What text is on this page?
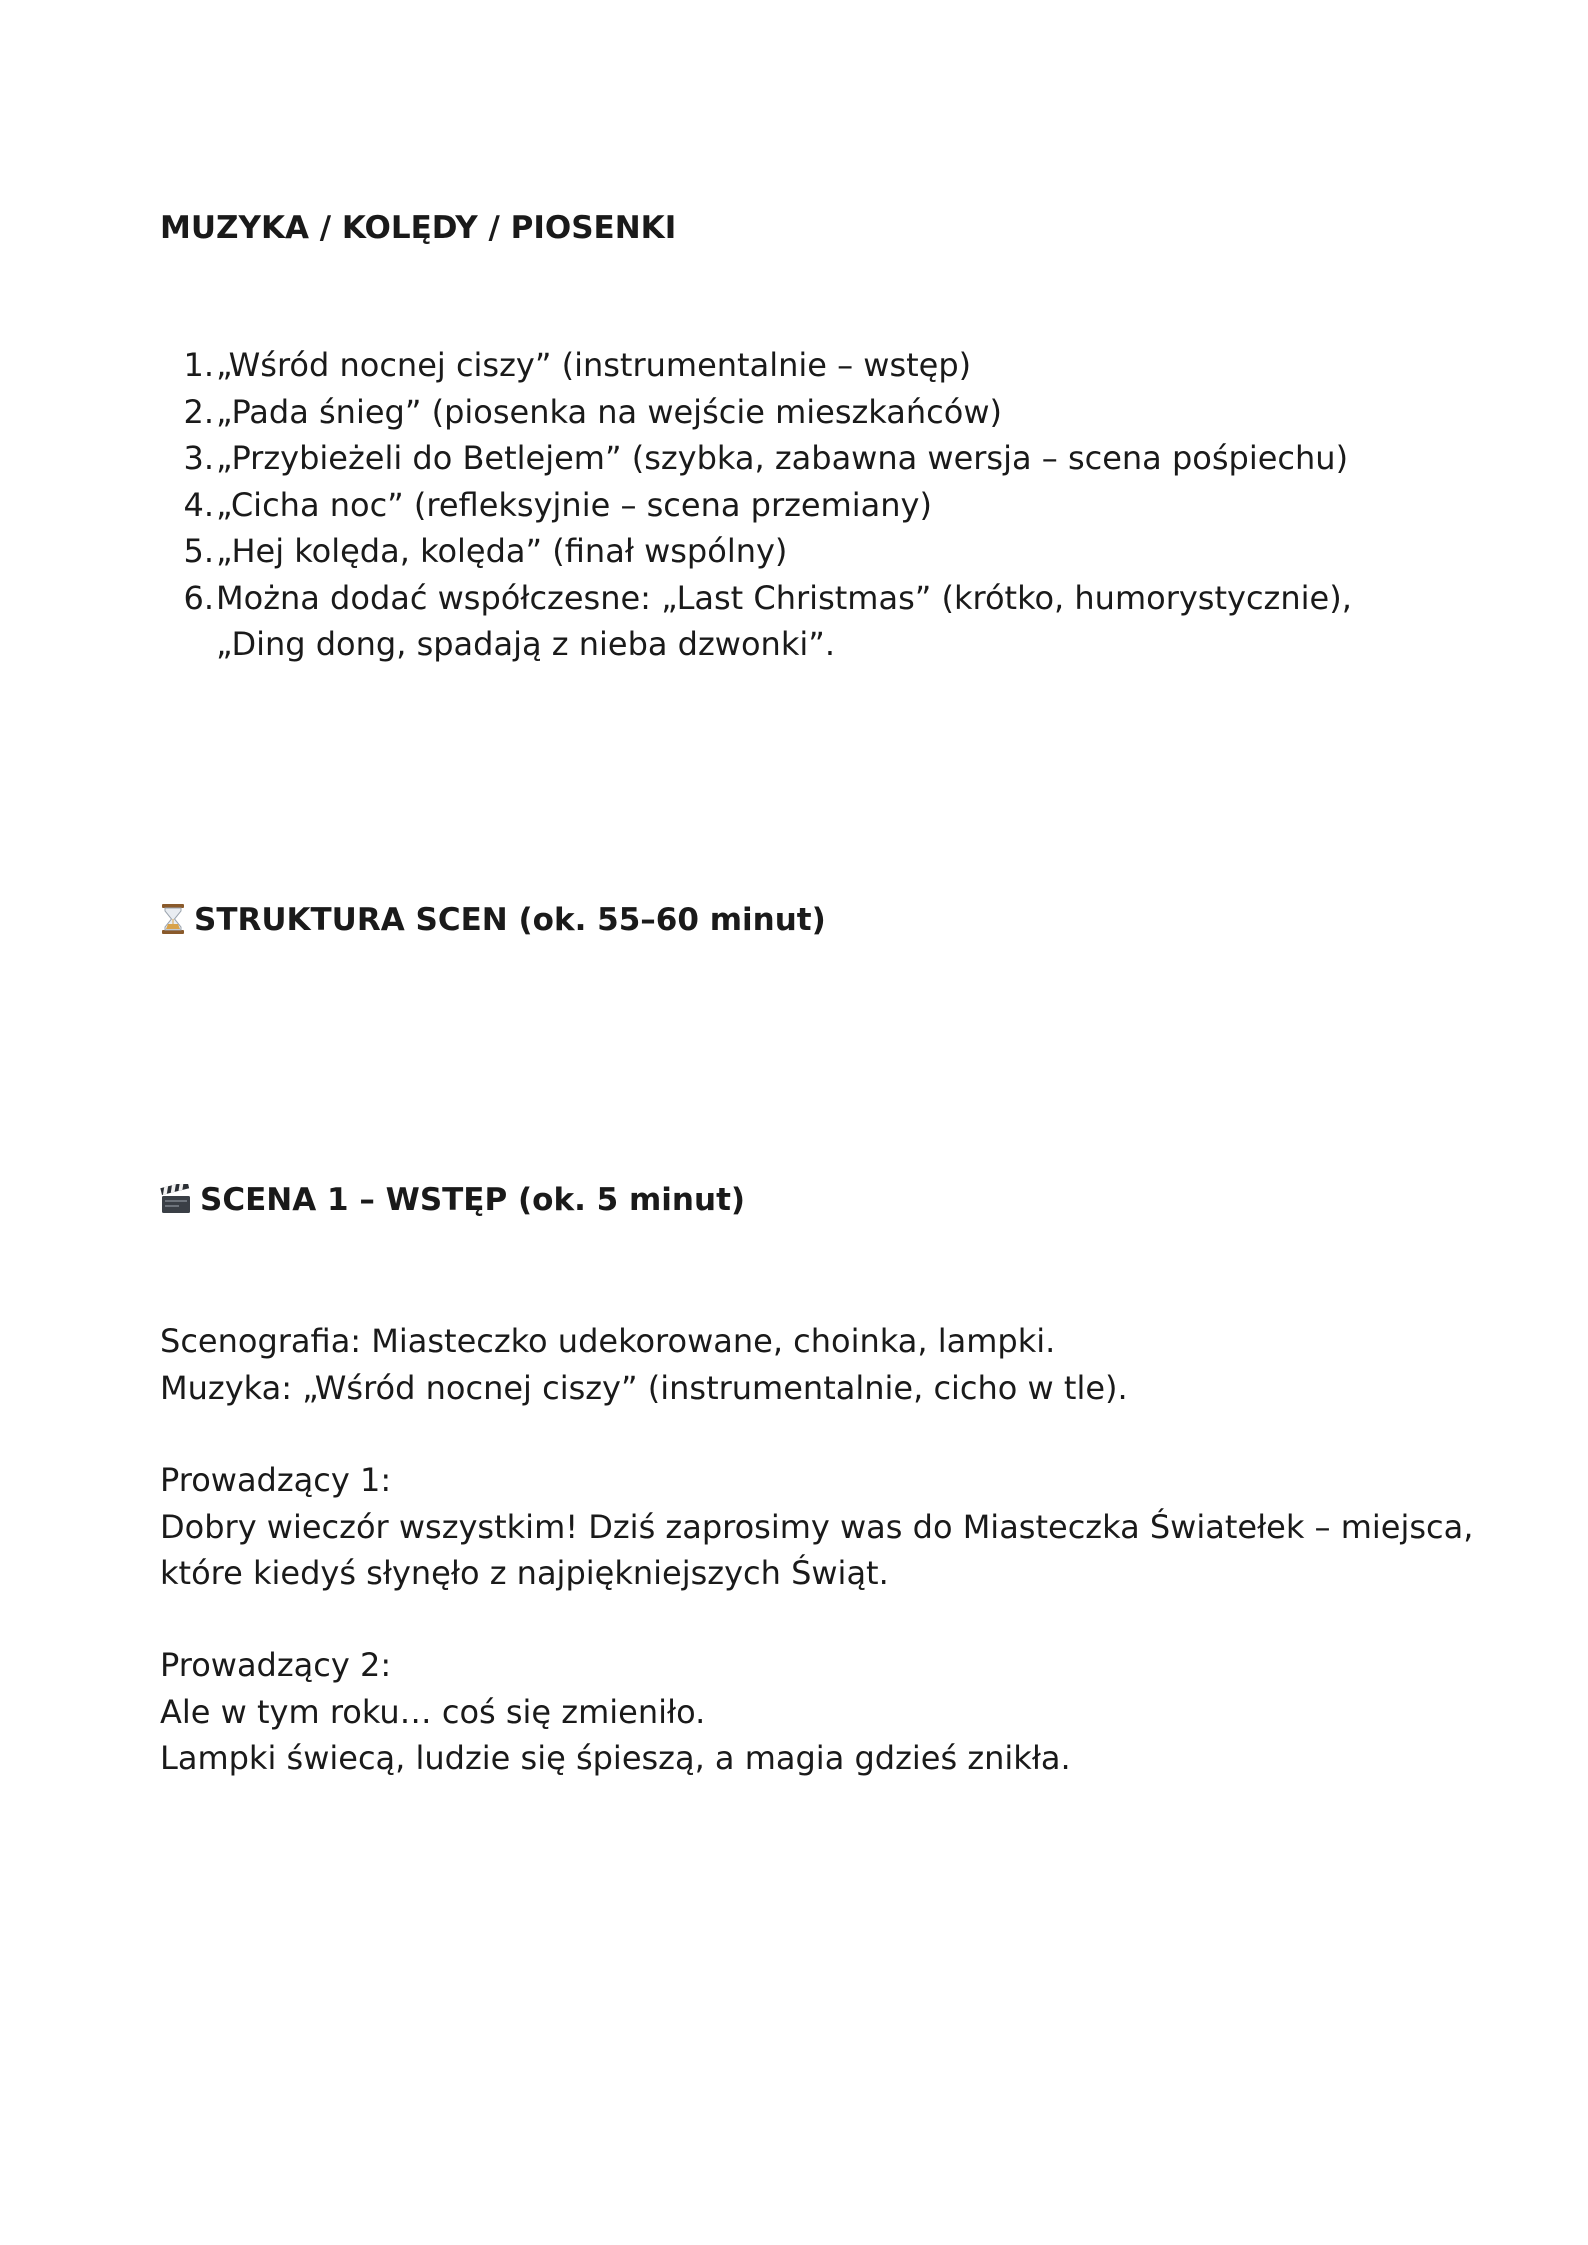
MUZYKA / KOLĘDY / PIOSENKI
1. „Wśród nocnej ciszy” (instrumentalnie – wstęp)
2. „Pada śnieg” (piosenka na wejście mieszkańców)
3. „Przybieżeli do Betlejem” (szybka, zabawna wersja – scena pośpiechu)
4. „Cicha noc” (refleksyjnie – scena przemiany)
5. „Hej kolęda, kolęda” (finał wspólny)
6. Można dodać współczesne: „Last Christmas” (krótko, humorystycznie), „Ding dong, spadają z nieba dzwonki”.
STRUKTURA SCEN (ok. 55–60 minut)
SCENA 1 – WSTĘP (ok. 5 minut)
Scenografia: Miasteczko udekorowane, choinka, lampki.
Muzyka: „Wśród nocnej ciszy” (instrumentalnie, cicho w tle).
Prowadzący 1:
Dobry wieczór wszystkim! Dziś zaprosimy was do Miasteczka Światełek – miejsca,
które kiedyś słynęło z najpiękniejszych Świąt.
Prowadzący 2:
Ale w tym roku… coś się zmieniło.
Lampki świecą, ludzie się śpieszą, a magia gdzieś znikła.
